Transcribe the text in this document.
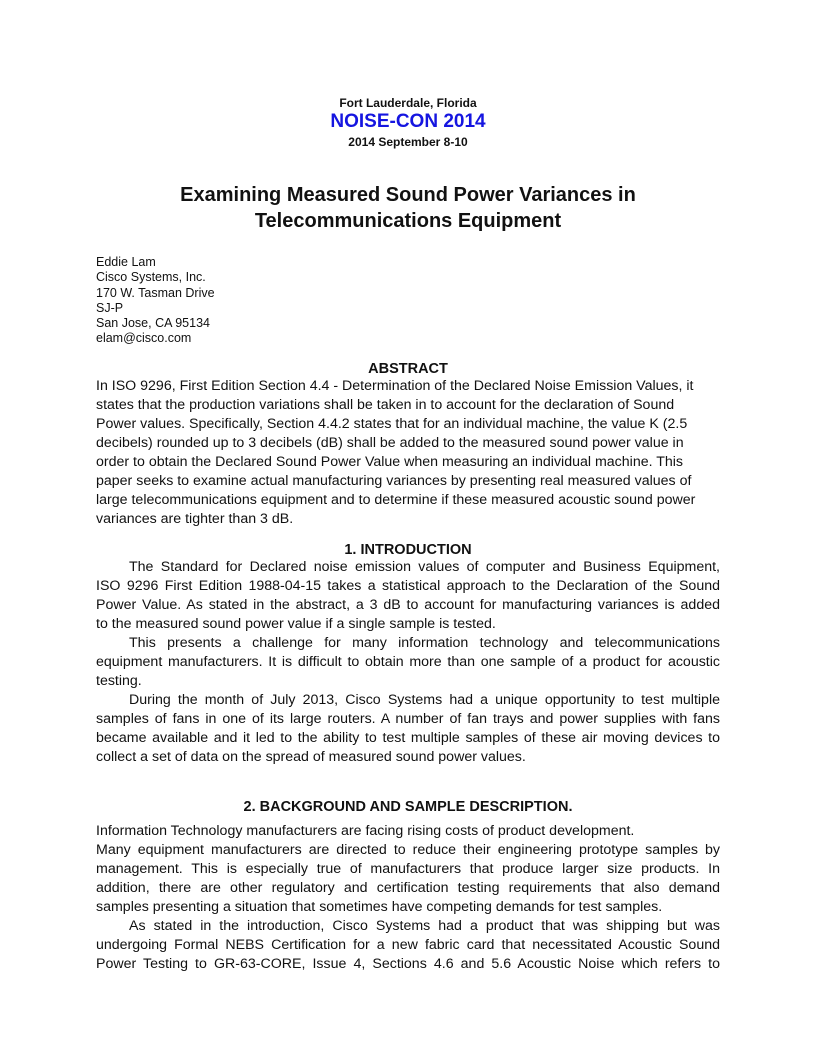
Fort Lauderdale, Florida
NOISE-CON 2014
2014 September 8-10
Examining Measured Sound Power Variances in
Telecommunications Equipment
Eddie Lam
Cisco Systems, Inc.
170 W. Tasman Drive
SJ-P
San Jose, CA 95134
elam@cisco.com
ABSTRACT
In ISO 9296, First Edition Section 4.4 - Determination of the Declared Noise Emission Values, it
states that the production variations shall be taken in to account for the declaration of Sound
Power values. Specifically, Section 4.4.2 states that for an individual machine, the value K (2.5
decibels) rounded up to 3 decibels (dB) shall be added to the measured sound power value in
order to obtain the Declared Sound Power Value when measuring an individual machine. This
paper seeks to examine actual manufacturing variances by presenting real measured values of
large telecommunications equipment and to determine if these measured acoustic sound power
variances are tighter than 3 dB.
1. INTRODUCTION
The Standard for Declared noise emission values of computer and Business Equipment,
ISO 9296 First Edition 1988-04-15 takes a statistical approach to the Declaration of the Sound
Power Value. As stated in the abstract, a 3 dB to account for manufacturing variances is added
to the measured sound power value if a single sample is tested.
This presents a challenge for many information technology and telecommunications
equipment manufacturers. It is difficult to obtain more than one sample of a product for acoustic
testing.
During the month of July 2013, Cisco Systems had a unique opportunity to test multiple
samples of fans in one of its large routers. A number of fan trays and power supplies with fans
became available and it led to the ability to test multiple samples of these air moving devices to
collect a set of data on the spread of measured sound power values.
2. BACKGROUND AND SAMPLE DESCRIPTION.
Information Technology manufacturers are facing rising costs of product development.
Many equipment manufacturers are directed to reduce their engineering prototype samples by
management. This is especially true of manufacturers that produce larger size products. In
addition, there are other regulatory and certification testing requirements that also demand
samples presenting a situation that sometimes have competing demands for test samples.
As stated in the introduction, Cisco Systems had a product that was shipping but was
undergoing Formal NEBS Certification for a new fabric card that necessitated Acoustic Sound
Power Testing to GR-63-CORE, Issue 4, Sections 4.6 and 5.6 Acoustic Noise which refers to
